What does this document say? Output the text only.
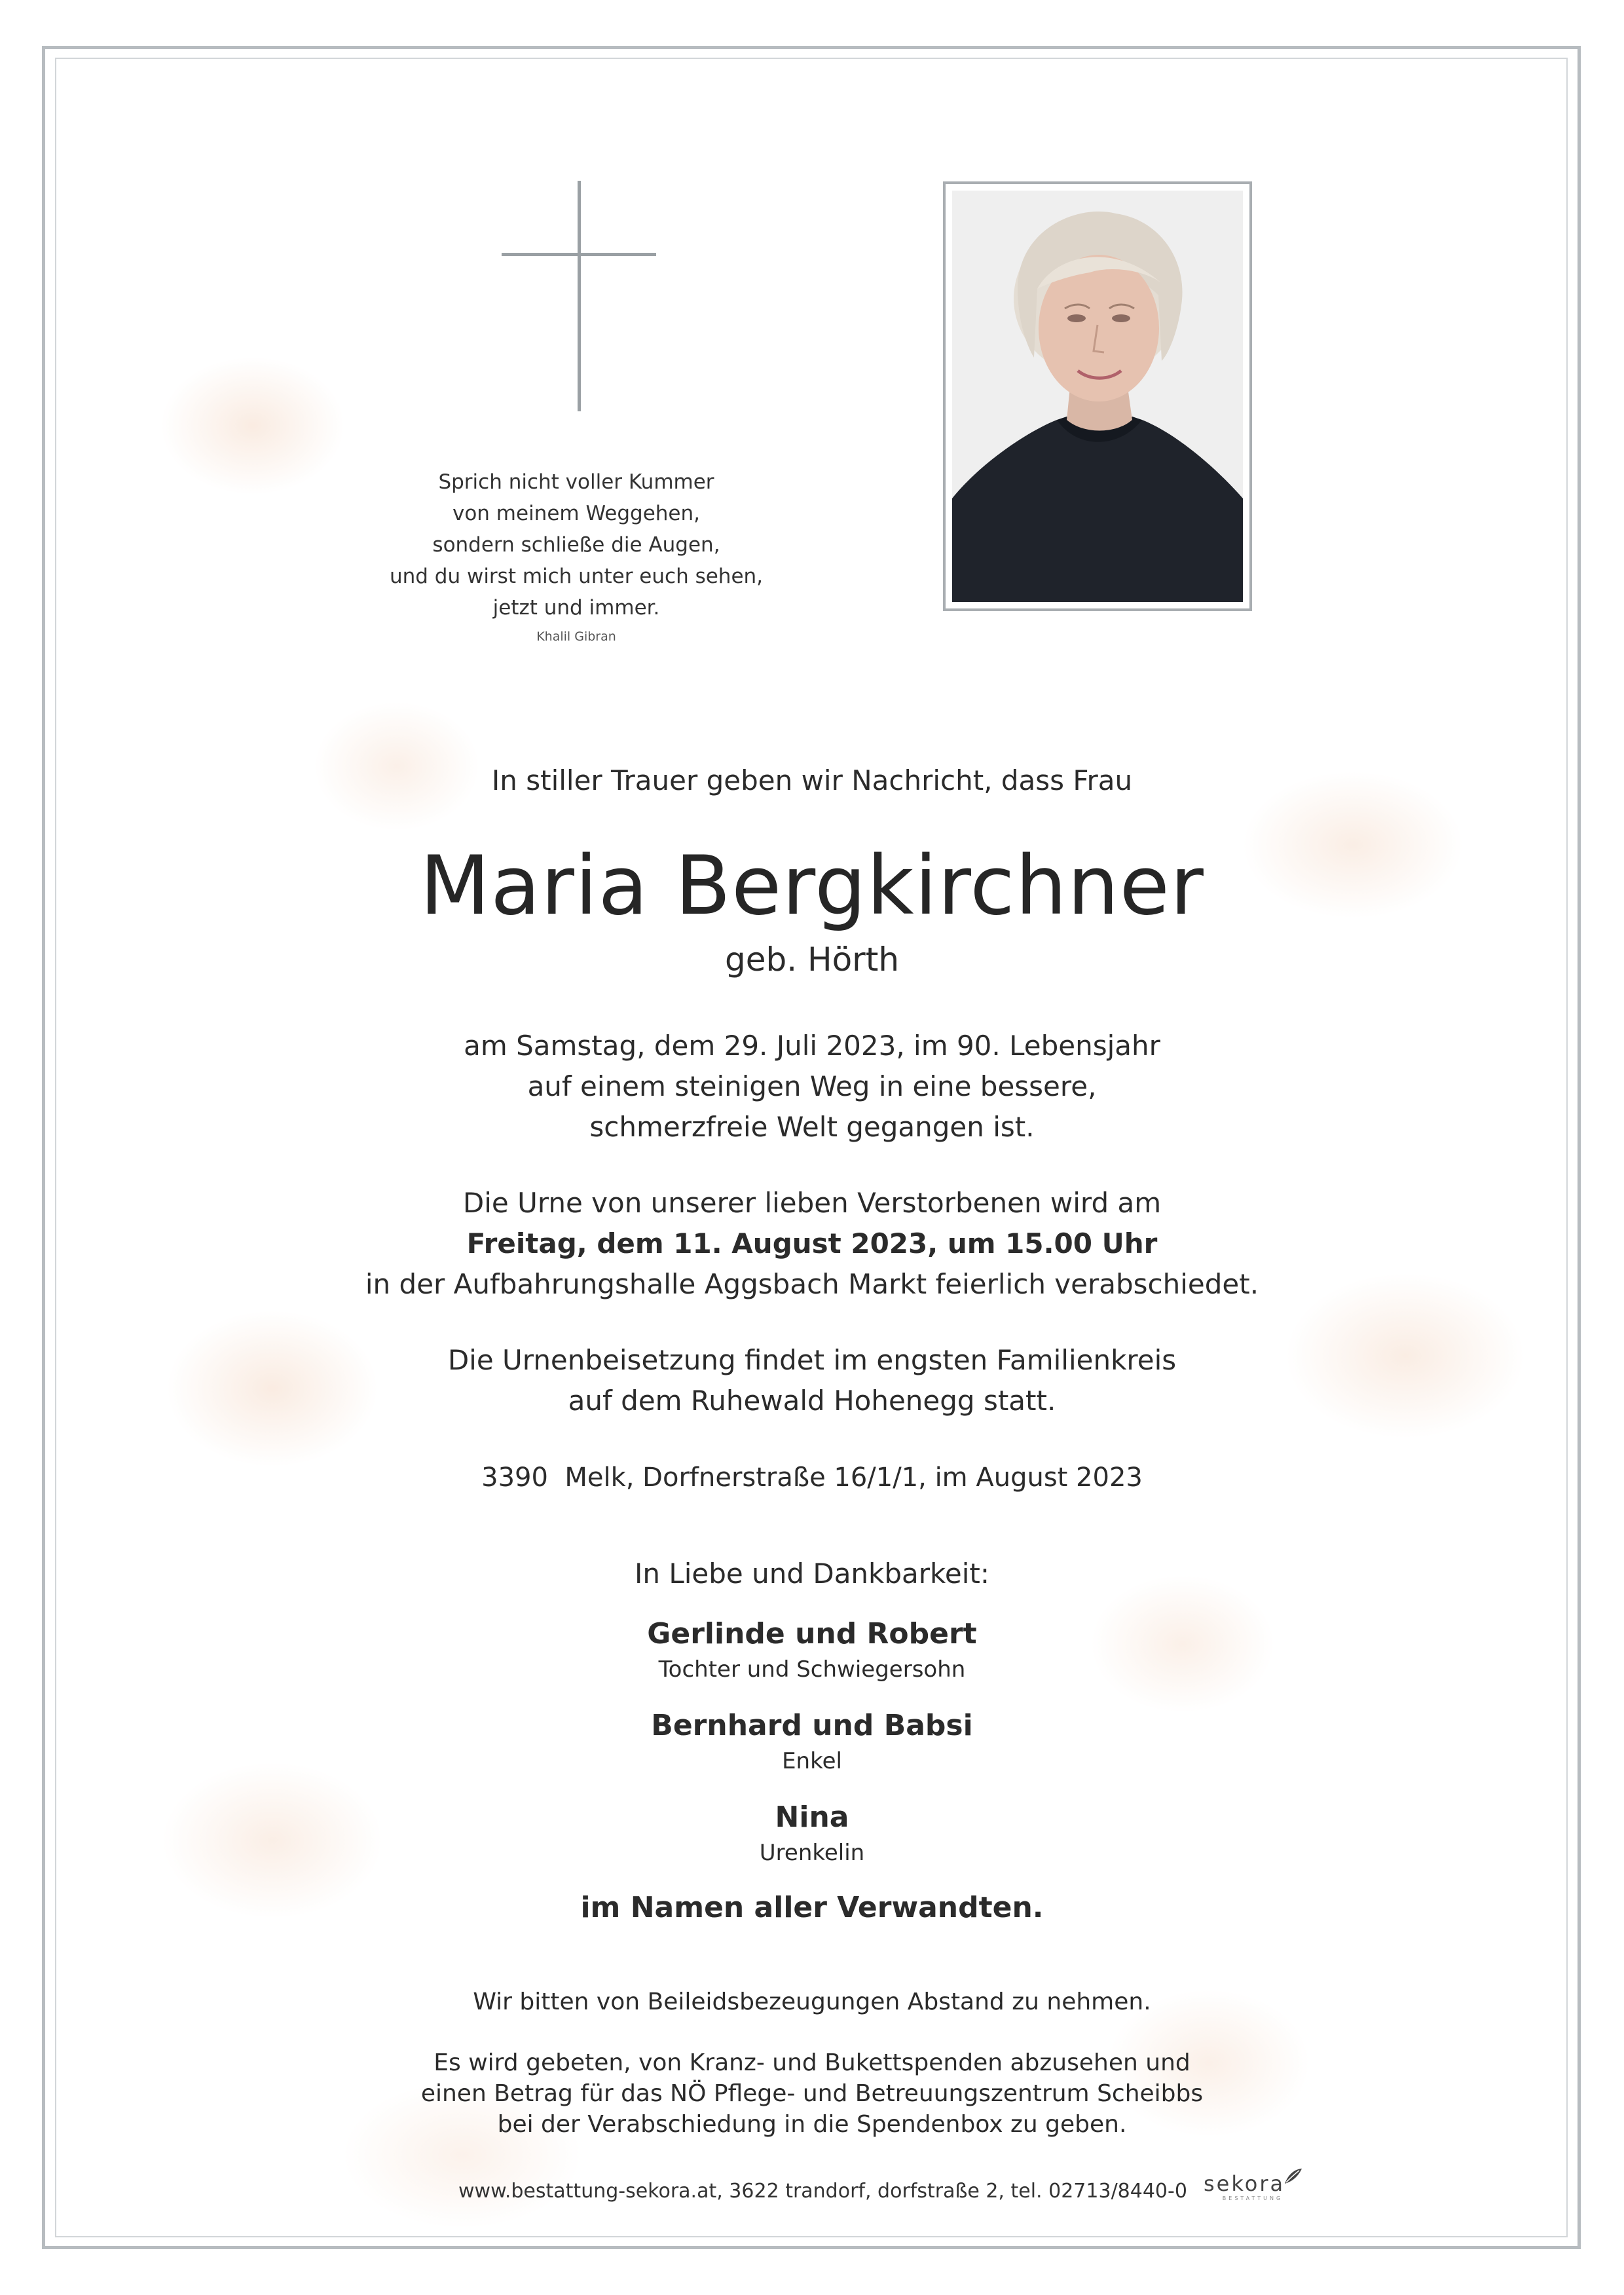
Sprich nicht voller Kummer
von meinem Weggehen,
sondern schließe die Augen,
und du wirst mich unter euch sehen,
jetzt und immer.
Khalil Gibran
In stiller Trauer geben wir Nachricht, dass Frau
Maria Bergkirchner
geb. Hörth
am Samstag, dem 29. Juli 2023, im 90. Lebensjahr
auf einem steinigen Weg in eine bessere,
schmerzfreie Welt gegangen ist.
Die Urne von unserer lieben Verstorbenen wird am
Freitag, dem 11. August 2023, um 15.00 Uhr
in der Aufbahrungshalle Aggsbach Markt feierlich verabschiedet.
Die Urnenbeisetzung findet im engsten Familienkreis
auf dem Ruhewald Hohenegg statt.
3390  Melk, Dorfnerstraße 16/1/1, im August 2023
In Liebe und Dankbarkeit:
Gerlinde und Robert
Tochter und Schwiegersohn
Bernhard und Babsi
Enkel
Nina
Urenkelin
im Namen aller Verwandten.
Wir bitten von Beileidsbezeugungen Abstand zu nehmen.
Es wird gebeten, von Kranz- und Bukettspenden abzusehen und
einen Betrag für das NÖ Pflege- und Betreuungszentrum Scheibbs
bei der Verabschiedung in die Spendenbox zu geben.
www.bestattung-sekora.at, 3622 trandorf, dorfstraße 2, tel. 02713/8440-0 sekora
BESTATTUNG
